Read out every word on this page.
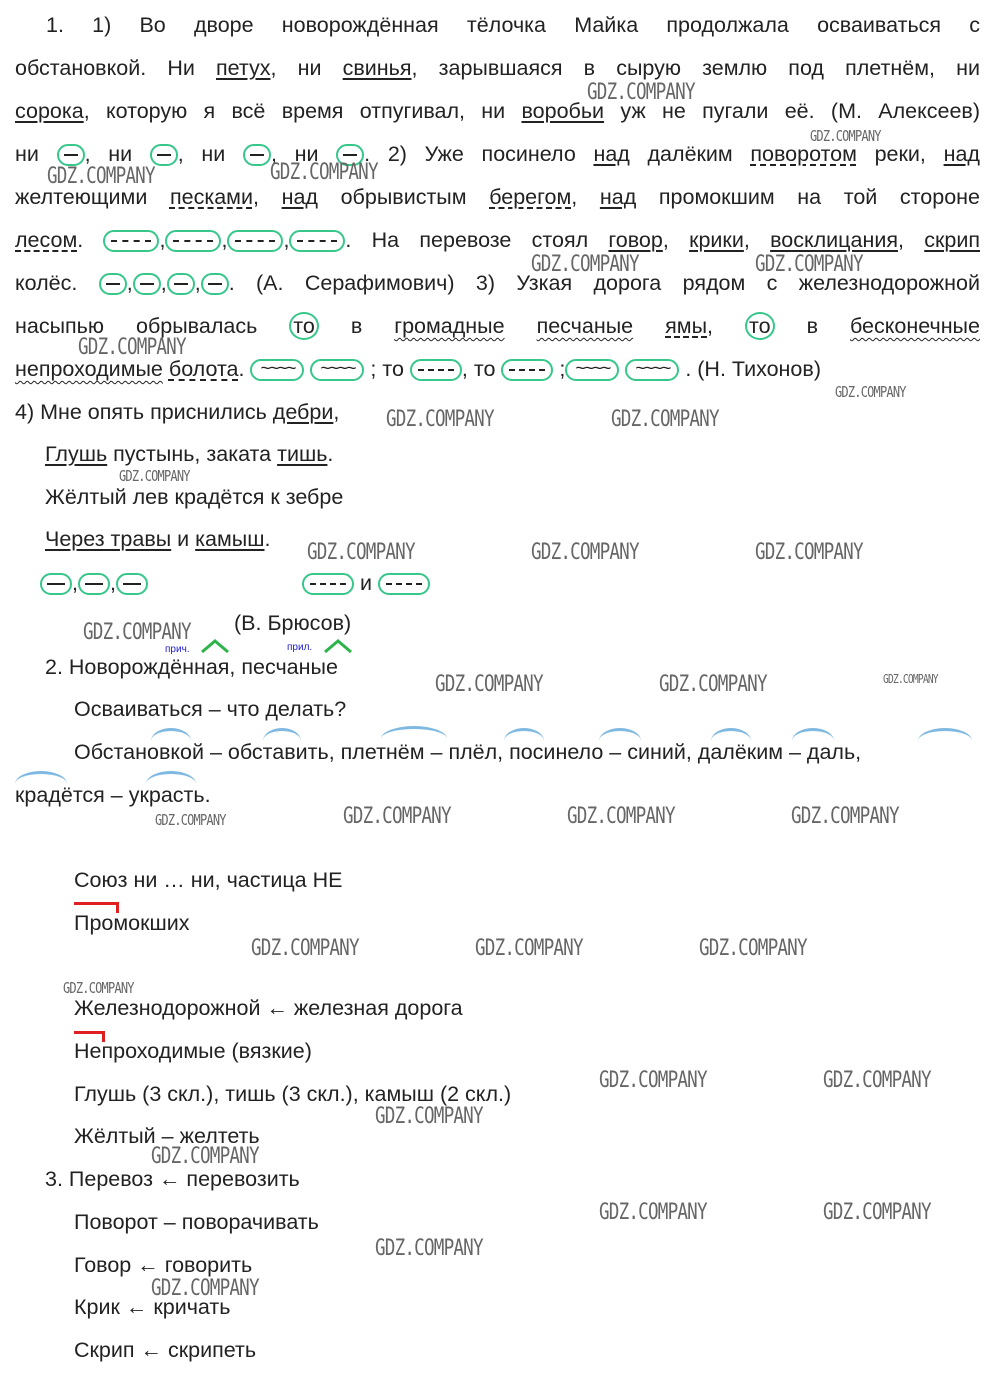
1. 1) Во дворе новорождённая тёлочка Майка продолжала осваиваться с
обстановкой. Ни петух, ни свинья, зарывшаяся в сырую землю под плетнём, ни
сорока, которую я всё время отпугивал, ни воробьи уж не пугали её. (М. Алексеев)
ни , ни , ни , ни . 2) Уже посинело над далёким поворотом реки, над
желтеющими песками, над обрывистым берегом, над промокшим на той стороне
лесом.	,	,	,	. На перевозе стоял говор, крики, восклицания, скрип
колёс. , , , . (А. Серафимович) 3) Узкая дорога рядом с железнодорожной
насыпью обрывалась то в громадные песчаные ямы, то в бесконечные
непроходимые болота. ~~~~ ~~~~	; то , то  ; ~~~~ ~~~~	. (Н. Тихонов)
4) Мне опять приснились дебри,
Глушь пустынь, заката тишь.
Жёлтый лев крадётся к зебре
Через травы и камыш.
, ,	и
(В. Брюсов)
прич.	прил.
2. Новорождённая, песчаные
Осваиваться – что делать?
Обстановкой – обставить, плетнём – плёл, посинело – синий, далёким – даль,
крадётся – украсть.
Союз ни … ни, частица НЕ
Промокших
Железнодорожной ← железная дорога
Непроходимые (вязкие)
Глушь (3 скл.), тишь (3 скл.), камыш (2 скл.)
Жёлтый – желтеть
3. Перевоз ← перевозить
Поворот – поворачивать
Говор ← говорить
Крик ← кричать
Скрип ← скрипеть
GDZ.COMPANY
GDZ.COMPANY
GDZ.COMPANY	GDZ.COMPANY
GDZ.COMPANY	GDZ.COMPANY
GDZ.COMPANY
GDZ.COMPANY
GDZ.COMPANY	GDZ.COMPANY
GDZ.COMPANY
GDZ.COMPANY	GDZ.COMPANY	GDZ.COMPANY
GDZ.COMPANY
GDZ.COMPANY	GDZ.COMPANY	GDZ.COMPANY
GDZ.COMPANY	GDZ.COMPANY	GDZ.COMPANY	GDZ.COMPANY
GDZ.COMPANY	GDZ.COMPANY	GDZ.COMPANY
GDZ.COMPANY
GDZ.COMPANY	GDZ.COMPANY
GDZ.COMPANY
GDZ.COMPANY
GDZ.COMPANY	GDZ.COMPANY
GDZ.COMPANY
GDZ.COMPANY
